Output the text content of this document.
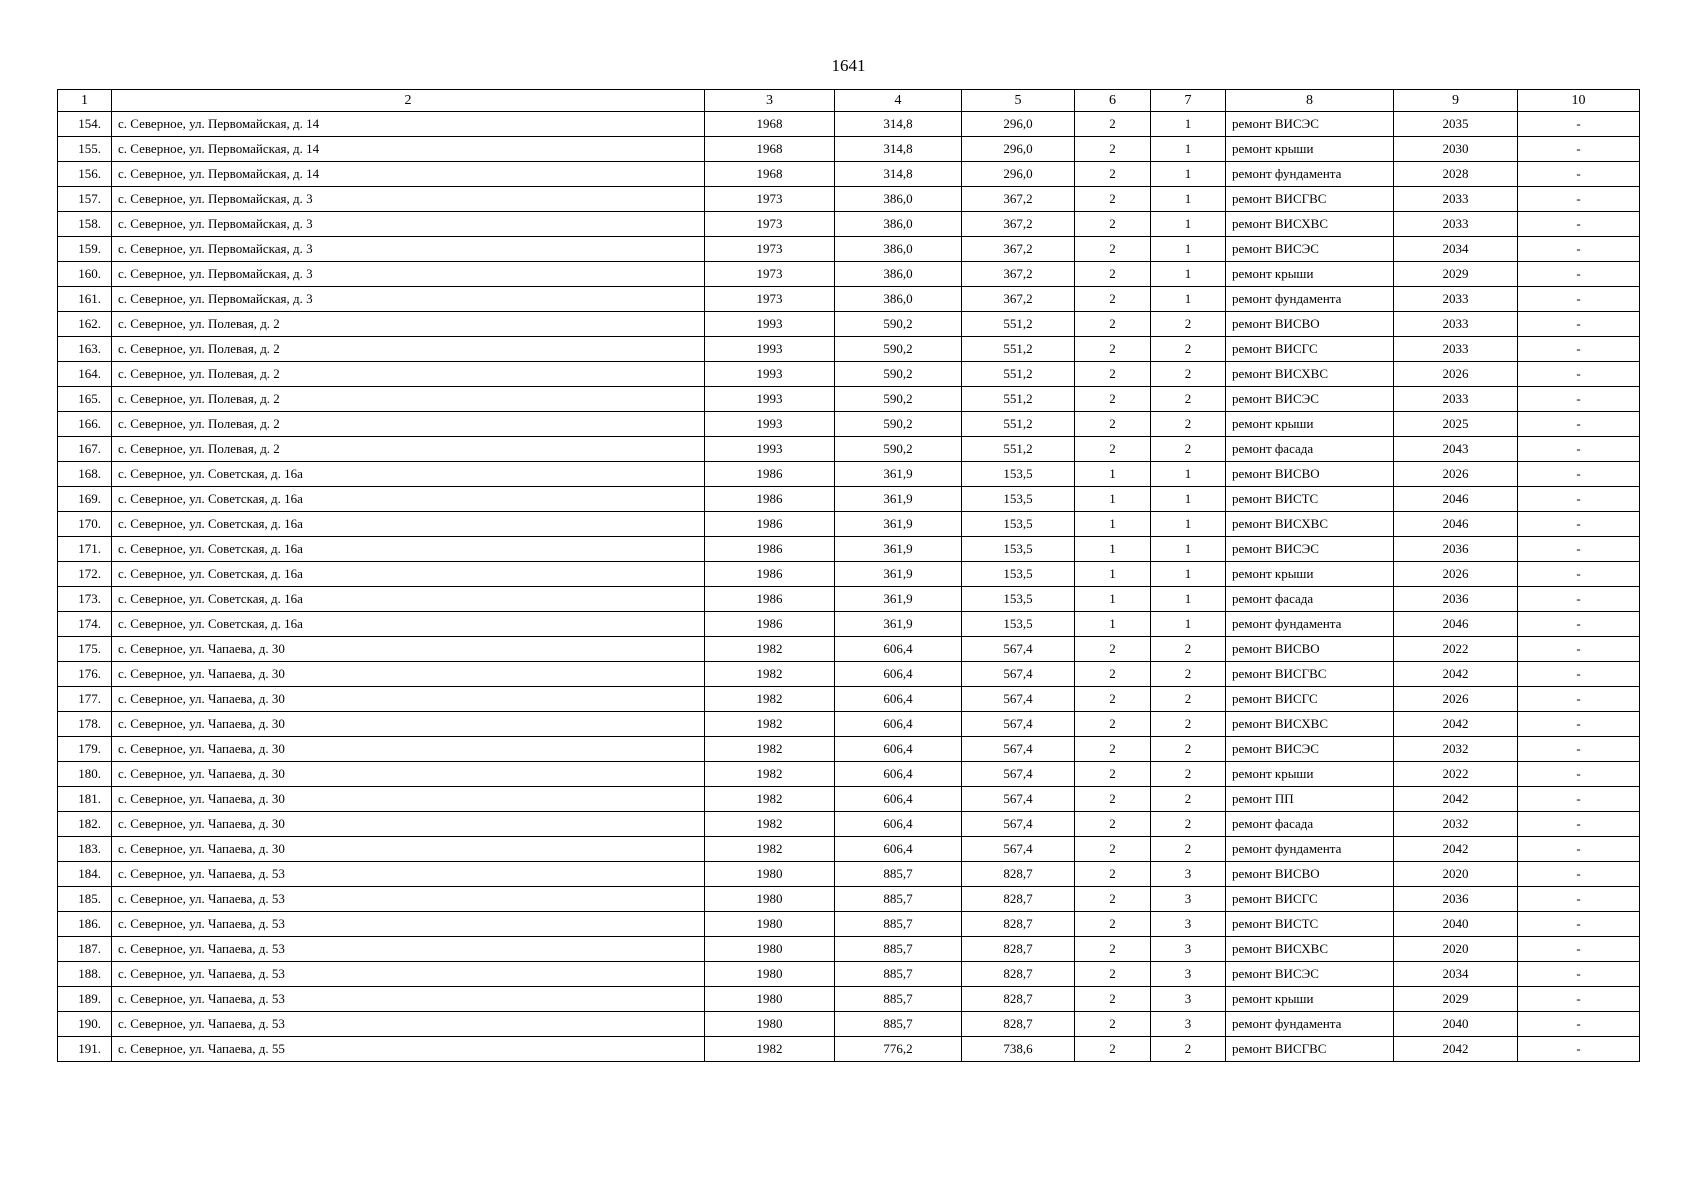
1641
1	2	3	4	5	6	7	8	9	10
154.	с. Северное, ул. Первомайская, д. 14	1968	314,8	296,0	2	1	ремонт ВИСЭС	2035	-
155.	с. Северное, ул. Первомайская, д. 14	1968	314,8	296,0	2	1	ремонт крыши	2030	-
156.	с. Северное, ул. Первомайская, д. 14	1968	314,8	296,0	2	1	ремонт фундамента	2028	-
157.	с. Северное, ул. Первомайская, д. 3	1973	386,0	367,2	2	1	ремонт ВИСГВС	2033	-
158.	с. Северное, ул. Первомайская, д. 3	1973	386,0	367,2	2	1	ремонт ВИСХВС	2033	-
159.	с. Северное, ул. Первомайская, д. 3	1973	386,0	367,2	2	1	ремонт ВИСЭС	2034	-
160.	с. Северное, ул. Первомайская, д. 3	1973	386,0	367,2	2	1	ремонт крыши	2029	-
161.	с. Северное, ул. Первомайская, д. 3	1973	386,0	367,2	2	1	ремонт фундамента	2033	-
162.	с. Северное, ул. Полевая, д. 2	1993	590,2	551,2	2	2	ремонт ВИСВО	2033	-
163.	с. Северное, ул. Полевая, д. 2	1993	590,2	551,2	2	2	ремонт ВИСГС	2033	-
164.	с. Северное, ул. Полевая, д. 2	1993	590,2	551,2	2	2	ремонт ВИСХВС	2026	-
165.	с. Северное, ул. Полевая, д. 2	1993	590,2	551,2	2	2	ремонт ВИСЭС	2033	-
166.	с. Северное, ул. Полевая, д. 2	1993	590,2	551,2	2	2	ремонт крыши	2025	-
167.	с. Северное, ул. Полевая, д. 2	1993	590,2	551,2	2	2	ремонт фасада	2043	-
168.	с. Северное, ул. Советская, д. 16а	1986	361,9	153,5	1	1	ремонт ВИСВО	2026	-
169.	с. Северное, ул. Советская, д. 16а	1986	361,9	153,5	1	1	ремонт ВИСТС	2046	-
170.	с. Северное, ул. Советская, д. 16а	1986	361,9	153,5	1	1	ремонт ВИСХВС	2046	-
171.	с. Северное, ул. Советская, д. 16а	1986	361,9	153,5	1	1	ремонт ВИСЭС	2036	-
172.	с. Северное, ул. Советская, д. 16а	1986	361,9	153,5	1	1	ремонт крыши	2026	-
173.	с. Северное, ул. Советская, д. 16а	1986	361,9	153,5	1	1	ремонт фасада	2036	-
174.	с. Северное, ул. Советская, д. 16а	1986	361,9	153,5	1	1	ремонт фундамента	2046	-
175.	с. Северное, ул. Чапаева, д. 30	1982	606,4	567,4	2	2	ремонт ВИСВО	2022	-
176.	с. Северное, ул. Чапаева, д. 30	1982	606,4	567,4	2	2	ремонт ВИСГВС	2042	-
177.	с. Северное, ул. Чапаева, д. 30	1982	606,4	567,4	2	2	ремонт ВИСГС	2026	-
178.	с. Северное, ул. Чапаева, д. 30	1982	606,4	567,4	2	2	ремонт ВИСХВС	2042	-
179.	с. Северное, ул. Чапаева, д. 30	1982	606,4	567,4	2	2	ремонт ВИСЭС	2032	-
180.	с. Северное, ул. Чапаева, д. 30	1982	606,4	567,4	2	2	ремонт крыши	2022	-
181.	с. Северное, ул. Чапаева, д. 30	1982	606,4	567,4	2	2	ремонт ПП	2042	-
182.	с. Северное, ул. Чапаева, д. 30	1982	606,4	567,4	2	2	ремонт фасада	2032	-
183.	с. Северное, ул. Чапаева, д. 30	1982	606,4	567,4	2	2	ремонт фундамента	2042	-
184.	с. Северное, ул. Чапаева, д. 53	1980	885,7	828,7	2	3	ремонт ВИСВО	2020	-
185.	с. Северное, ул. Чапаева, д. 53	1980	885,7	828,7	2	3	ремонт ВИСГС	2036	-
186.	с. Северное, ул. Чапаева, д. 53	1980	885,7	828,7	2	3	ремонт ВИСТС	2040	-
187.	с. Северное, ул. Чапаева, д. 53	1980	885,7	828,7	2	3	ремонт ВИСХВС	2020	-
188.	с. Северное, ул. Чапаева, д. 53	1980	885,7	828,7	2	3	ремонт ВИСЭС	2034	-
189.	с. Северное, ул. Чапаева, д. 53	1980	885,7	828,7	2	3	ремонт крыши	2029	-
190.	с. Северное, ул. Чапаева, д. 53	1980	885,7	828,7	2	3	ремонт фундамента	2040	-
191.	с. Северное, ул. Чапаева, д. 55	1982	776,2	738,6	2	2	ремонт ВИСГВС	2042	-
